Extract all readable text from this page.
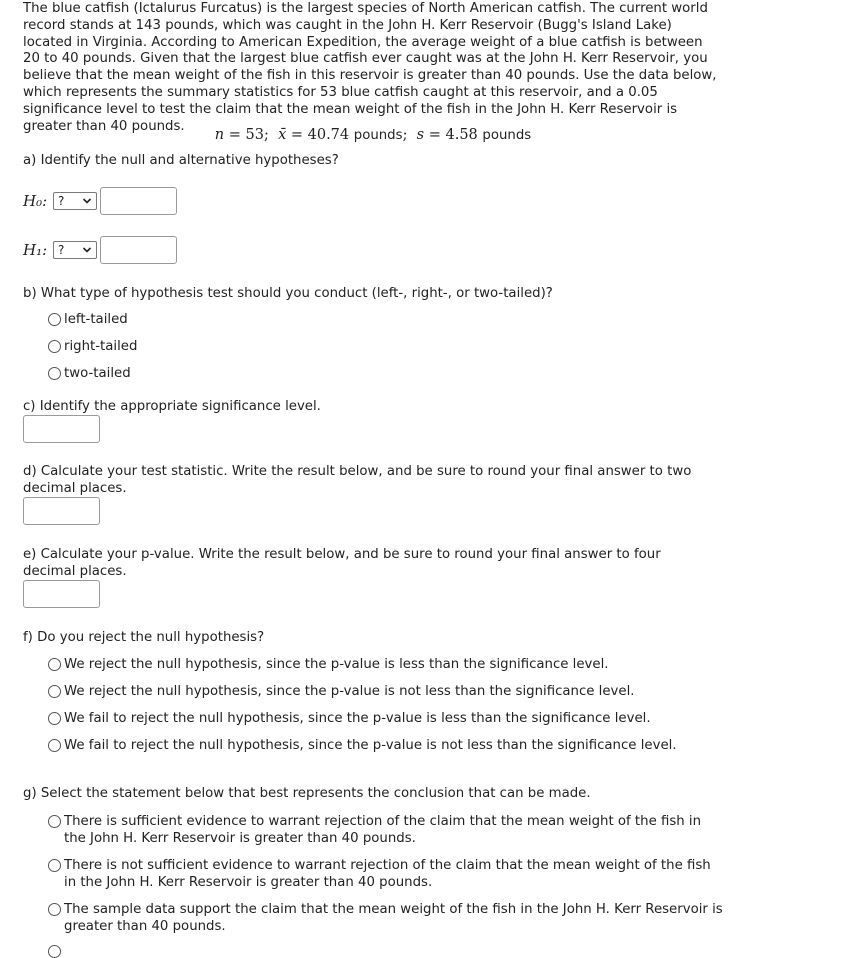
The blue catfish (Ictalurus Furcatus) is the largest species of North American catfish. The current world record stands at 143 pounds, which was caught in the John H. Kerr Reservoir (Bugg's Island Lake) located in Virginia. According to American Expedition, the average weight of a blue catfish is between 20 to 40 pounds. Given that the largest blue catfish ever caught was at the John H. Kerr Reservoir, you believe that the mean weight of the fish in this reservoir is greater than 40 pounds. Use the data below, which represents the summary statistics for 53 blue catfish caught at this reservoir, and a 0.05 significance level to test the claim that the mean weight of the fish in the John H. Kerr Reservoir is greater than 40 pounds.
n = 53;  x̄ = 40.74 pounds;  s = 4.58 pounds
a) Identify the null and alternative hypotheses?
H₀: ?
H₁: ?
b) What type of hypothesis test should you conduct (left-, right-, or two-tailed)?
left-tailed
right-tailed
two-tailed
c) Identify the appropriate significance level.
d) Calculate your test statistic. Write the result below, and be sure to round your final answer to two decimal places.
e) Calculate your p-value. Write the result below, and be sure to round your final answer to four decimal places.
f) Do you reject the null hypothesis?
We reject the null hypothesis, since the p-value is less than the significance level.
We reject the null hypothesis, since the p-value is not less than the significance level.
We fail to reject the null hypothesis, since the p-value is less than the significance level.
We fail to reject the null hypothesis, since the p-value is not less than the significance level.
g) Select the statement below that best represents the conclusion that can be made.
There is sufficient evidence to warrant rejection of the claim that the mean weight of the fish in the John H. Kerr Reservoir is greater than 40 pounds.
There is not sufficient evidence to warrant rejection of the claim that the mean weight of the fish in the John H. Kerr Reservoir is greater than 40 pounds.
The sample data support the claim that the mean weight of the fish in the John H. Kerr Reservoir is greater than 40 pounds.
